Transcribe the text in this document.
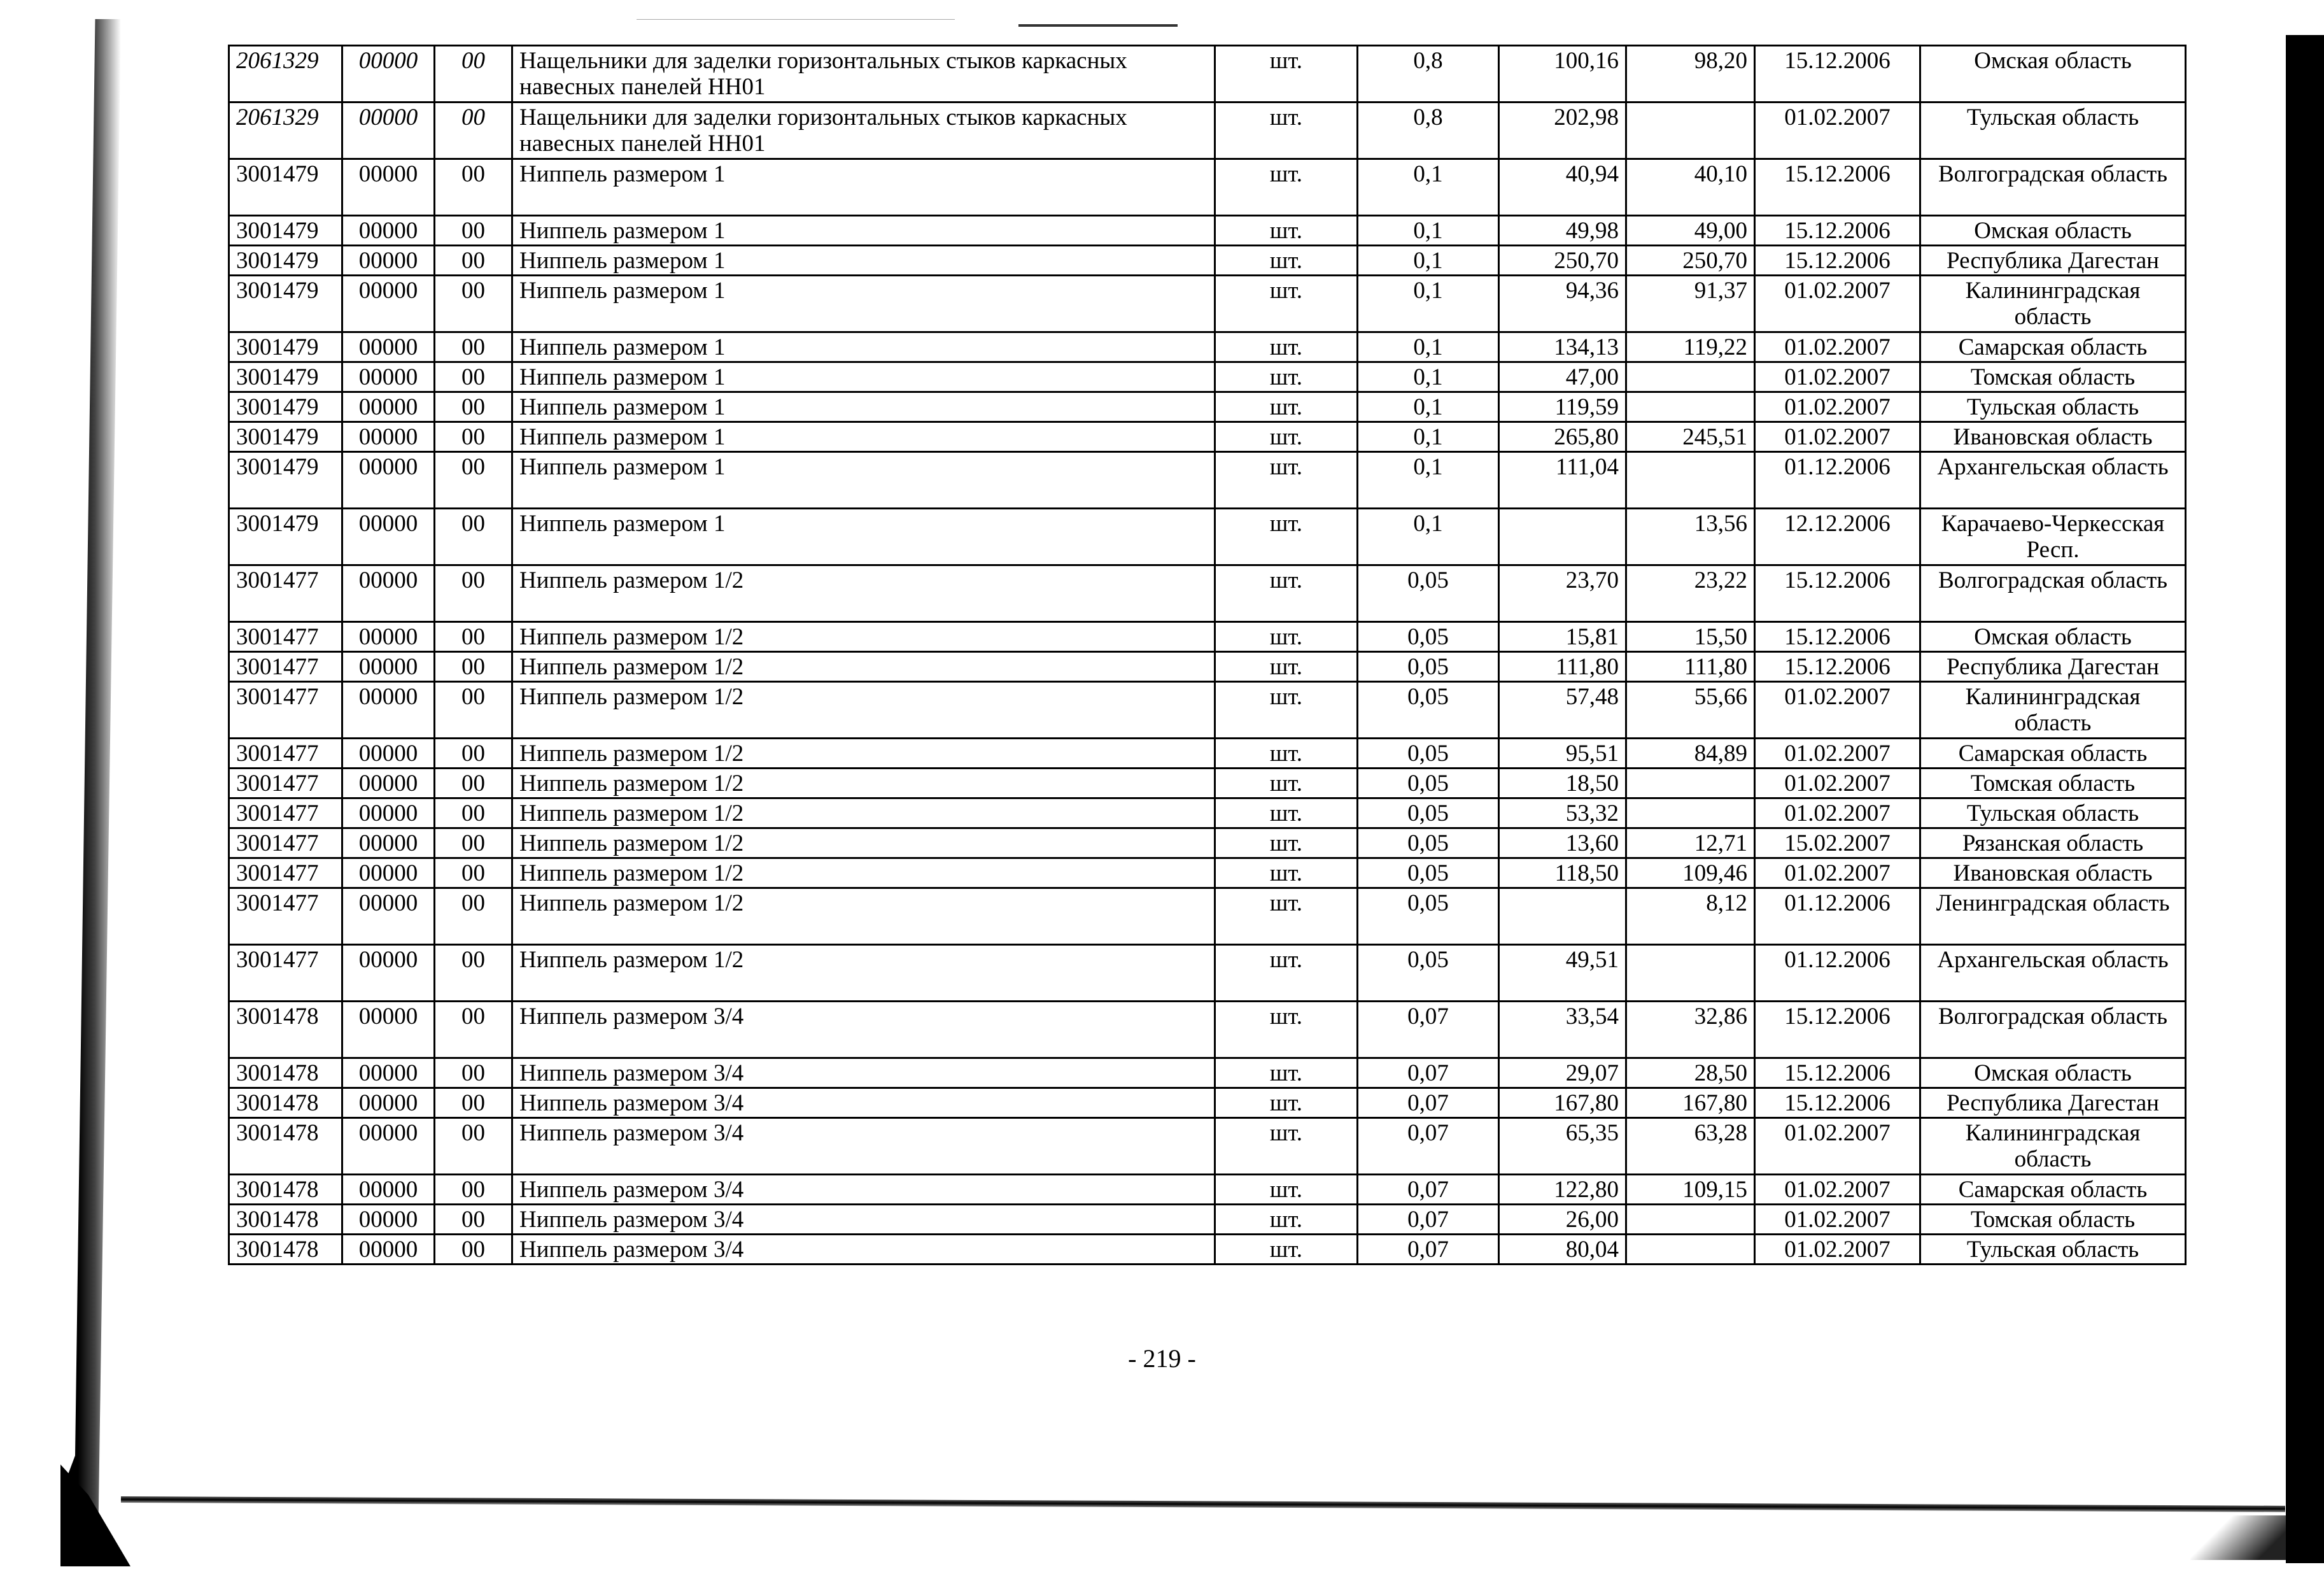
2061329	00000	00	Нащельники для заделки горизонтальных стыков каркасных навесных панелей НН01	шт.	0,8	100,16	98,20	15.12.2006	Омская область
2061329	00000	00	Нащельники для заделки горизонтальных стыков каркасных навесных панелей НН01	шт.	0,8	202,98		01.02.2007	Тульская область
3001479	00000	00	Ниппель размером 1	шт.	0,1	40,94	40,10	15.12.2006	Волгоградская область
3001479	00000	00	Ниппель размером 1	шт.	0,1	49,98	49,00	15.12.2006	Омская область
3001479	00000	00	Ниппель размером 1	шт.	0,1	250,70	250,70	15.12.2006	Республика Дагестан
3001479	00000	00	Ниппель размером 1	шт.	0,1	94,36	91,37	01.02.2007	Калининградская область
3001479	00000	00	Ниппель размером 1	шт.	0,1	134,13	119,22	01.02.2007	Самарская область
3001479	00000	00	Ниппель размером 1	шт.	0,1	47,00		01.02.2007	Томская область
3001479	00000	00	Ниппель размером 1	шт.	0,1	119,59		01.02.2007	Тульская область
3001479	00000	00	Ниппель размером 1	шт.	0,1	265,80	245,51	01.02.2007	Ивановская область
3001479	00000	00	Ниппель размером 1	шт.	0,1	111,04		01.12.2006	Архангельская область
3001479	00000	00	Ниппель размером 1	шт.	0,1		13,56	12.12.2006	Карачаево-Черкесская Респ.
3001477	00000	00	Ниппель размером 1/2	шт.	0,05	23,70	23,22	15.12.2006	Волгоградская область
3001477	00000	00	Ниппель размером 1/2	шт.	0,05	15,81	15,50	15.12.2006	Омская область
3001477	00000	00	Ниппель размером 1/2	шт.	0,05	111,80	111,80	15.12.2006	Республика Дагестан
3001477	00000	00	Ниппель размером 1/2	шт.	0,05	57,48	55,66	01.02.2007	Калининградская область
3001477	00000	00	Ниппель размером 1/2	шт.	0,05	95,51	84,89	01.02.2007	Самарская область
3001477	00000	00	Ниппель размером 1/2	шт.	0,05	18,50		01.02.2007	Томская область
3001477	00000	00	Ниппель размером 1/2	шт.	0,05	53,32		01.02.2007	Тульская область
3001477	00000	00	Ниппель размером 1/2	шт.	0,05	13,60	12,71	15.02.2007	Рязанская область
3001477	00000	00	Ниппель размером 1/2	шт.	0,05	118,50	109,46	01.02.2007	Ивановская область
3001477	00000	00	Ниппель размером 1/2	шт.	0,05		8,12	01.12.2006	Ленинградская область
3001477	00000	00	Ниппель размером 1/2	шт.	0,05	49,51		01.12.2006	Архангельская область
3001478	00000	00	Ниппель размером 3/4	шт.	0,07	33,54	32,86	15.12.2006	Волгоградская область
3001478	00000	00	Ниппель размером 3/4	шт.	0,07	29,07	28,50	15.12.2006	Омская область
3001478	00000	00	Ниппель размером 3/4	шт.	0,07	167,80	167,80	15.12.2006	Республика Дагестан
3001478	00000	00	Ниппель размером 3/4	шт.	0,07	65,35	63,28	01.02.2007	Калининградская область
3001478	00000	00	Ниппель размером 3/4	шт.	0,07	122,80	109,15	01.02.2007	Самарская область
3001478	00000	00	Ниппель размером 3/4	шт.	0,07	26,00		01.02.2007	Томская область
3001478	00000	00	Ниппель размером 3/4	шт.	0,07	80,04		01.02.2007	Тульская область
- 219 -
